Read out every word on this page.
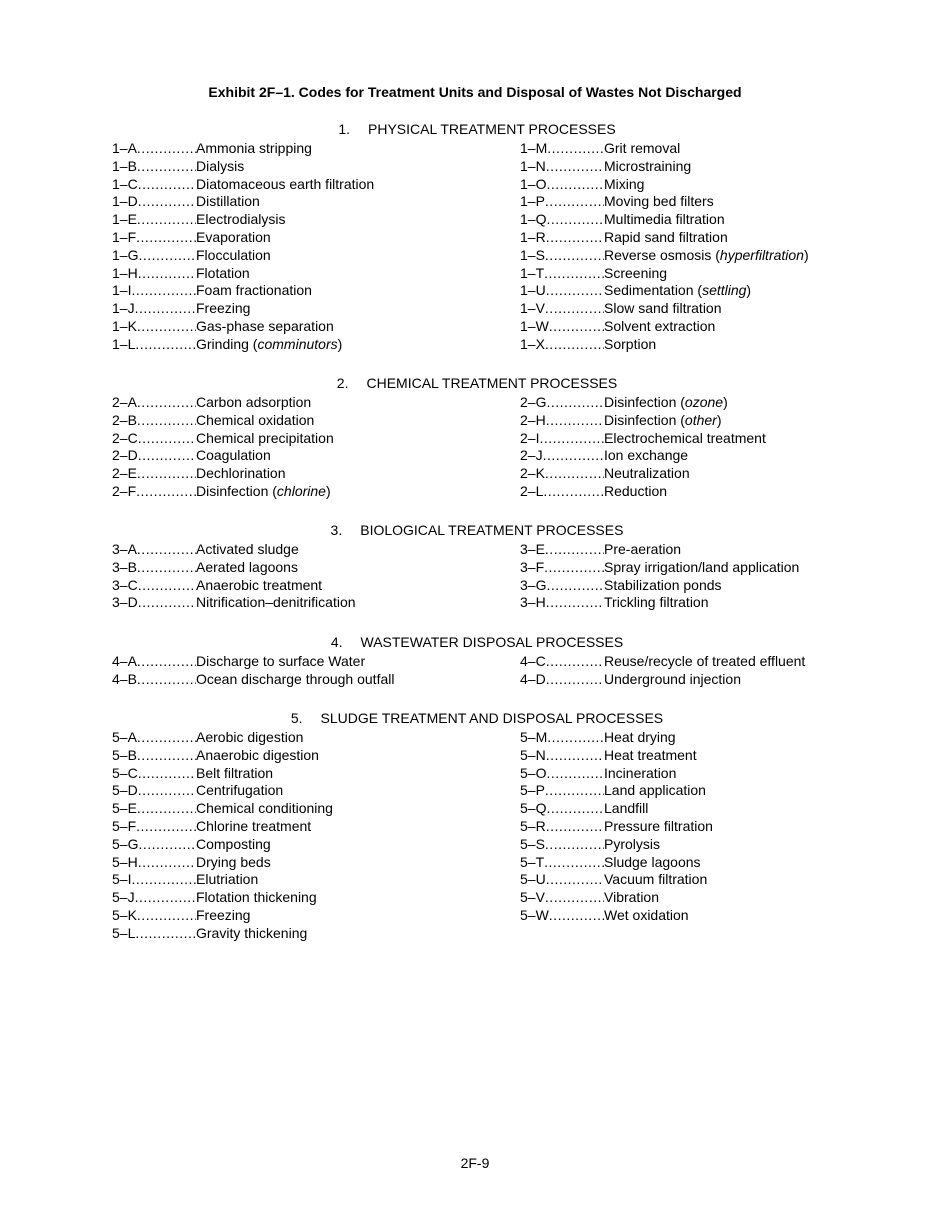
Exhibit 2F–1. Codes for Treatment Units and Disposal of Wastes Not Discharged
1. PHYSICAL TREATMENT PROCESSES
1–A .....	Ammonia stripping
1–B .....	Dialysis
1–C .....	Diatomaceous earth filtration
1–D .....	Distillation
1–E .....	Electrodialysis
1–F .....	Evaporation
1–G .....	Flocculation
1–H .....	Flotation
1–I .....	Foam fractionation
1–J .....	Freezing
1–K .....	Gas-phase separation
1–L .....	Grinding (comminutors)
1–M .....	Grit removal
1–N .....	Microstraining
1–O .....	Mixing
1–P .....	Moving bed filters
1–Q .....	Multimedia filtration
1–R .....	Rapid sand filtration
1–S .....	Reverse osmosis (hyperfiltration)
1–T .....	Screening
1–U .....	Sedimentation (settling)
1–V .....	Slow sand filtration
1–W .....	Solvent extraction
1–X .....	Sorption
2. CHEMICAL TREATMENT PROCESSES
2–A .....	Carbon adsorption
2–B .....	Chemical oxidation
2–C .....	Chemical precipitation
2–D .....	Coagulation
2–E .....	Dechlorination
2–F .....	Disinfection (chlorine)
2–G .....	Disinfection (ozone)
2–H .....	Disinfection (other)
2–I .....	Electrochemical treatment
2–J .....	Ion exchange
2–K .....	Neutralization
2–L .....	Reduction
3. BIOLOGICAL TREATMENT PROCESSES
3–A .....	Activated sludge
3–B .....	Aerated lagoons
3–C .....	Anaerobic treatment
3–D .....	Nitrification–denitrification
3–E .....	Pre-aeration
3–F .....	Spray irrigation/land application
3–G .....	Stabilization ponds
3–H .....	Trickling filtration
4. WASTEWATER DISPOSAL PROCESSES
4–A .....	Discharge to surface Water
4–B .....	Ocean discharge through outfall
4–C .....	Reuse/recycle of treated effluent
4–D .....	Underground injection
5. SLUDGE TREATMENT AND DISPOSAL PROCESSES
5–A .....	Aerobic digestion
5–B .....	Anaerobic digestion
5–C .....	Belt filtration
5–D .....	Centrifugation
5–E .....	Chemical conditioning
5–F .....	Chlorine treatment
5–G .....	Composting
5–H .....	Drying beds
5–I .....	Elutriation
5–J .....	Flotation thickening
5–K .....	Freezing
5–L .....	Gravity thickening
5–M .....	Heat drying
5–N .....	Heat treatment
5–O .....	Incineration
5–P .....	Land application
5–Q .....	Landfill
5–R .....	Pressure filtration
5–S .....	Pyrolysis
5–T .....	Sludge lagoons
5–U .....	Vacuum filtration
5–V .....	Vibration
5–W .....	Wet oxidation
2F-9
